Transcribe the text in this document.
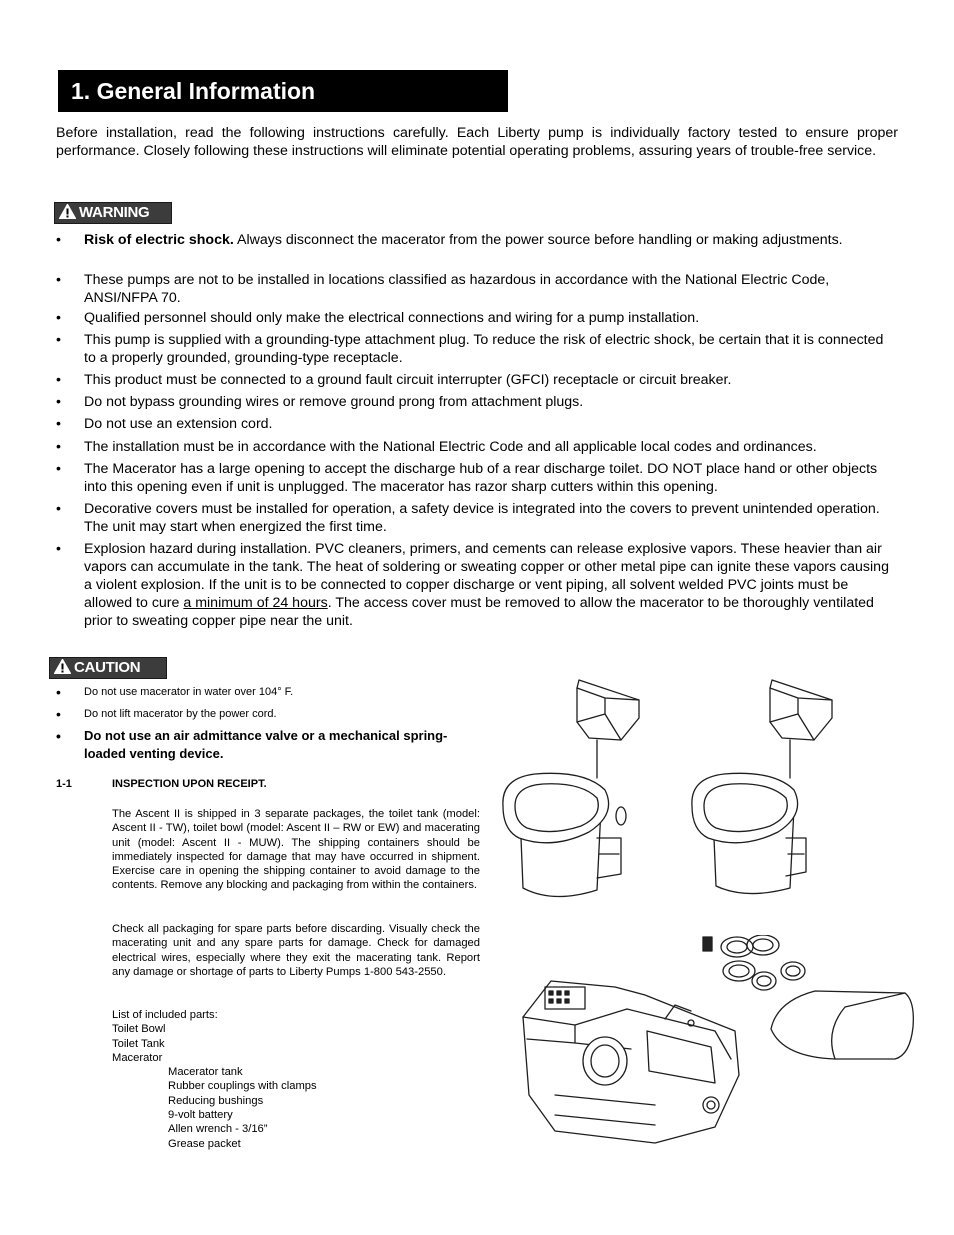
1. General Information

Before installation, read the following instructions carefully. Each Liberty pump is individually factory tested to ensure proper performance. Closely following these instructions will eliminate potential operating problems, assuring years of trouble-free service.

WARNING
• Risk of electric shock. Always disconnect the macerator from the power source before handling or making adjustments.
• These pumps are not to be installed in locations classified as hazardous in accordance with the National Electric Code, ANSI/NFPA 70.
• Qualified personnel should only make the electrical connections and wiring for a pump installation.
• This pump is supplied with a grounding-type attachment plug. To reduce the risk of electric shock, be certain that it is connected to a properly grounded, grounding-type receptacle.
• This product must be connected to a ground fault circuit interrupter (GFCI) receptacle or circuit breaker.
• Do not bypass grounding wires or remove ground prong from attachment plugs.
• Do not use an extension cord.
• The installation must be in accordance with the National Electric Code and all applicable local codes and ordinances.
• The Macerator has a large opening to accept the discharge hub of a rear discharge toilet. DO NOT place hand or other objects into this opening even if unit is unplugged. The macerator has razor sharp cutters within this opening.
• Decorative covers must be installed for operation, a safety device is integrated into the covers to prevent unintended operation. The unit may start when energized the first time.
• Explosion hazard during installation. PVC cleaners, primers, and cements can release explosive vapors. These heavier than air vapors can accumulate in the tank. The heat of soldering or sweating copper or other metal pipe can ignite these vapors causing a violent explosion. If the unit is to be connected to copper discharge or vent piping, all solvent welded PVC joints must be allowed to cure a minimum of 24 hours. The access cover must be removed to allow the macerator to be thoroughly ventilated prior to sweating copper pipe near the unit.
CAUTION
• Do not use macerator in water over 104° F.
• Do not lift macerator by the power cord.
• Do not use an air admittance valve or a mechanical spring-loaded venting device.
1-1	INSPECTION UPON RECEIPT.

The Ascent II is shipped in 3 separate packages, the toilet tank (model: Ascent II - TW), toilet bowl (model: Ascent II – RW or EW) and macerating unit (model: Ascent II - MUW). The shipping containers should be immediately inspected for damage that may have occurred in shipment. Exercise care in opening the shipping container to avoid damage to the contents. Remove any blocking and packaging from within the containers.

Check all packaging for spare parts before discarding. Visually check the macerating unit and any spare parts for damage. Check for damaged electrical wires, especially where they exit the macerating tank. Report any damage or shortage of parts to Liberty Pumps 1-800 543-2550.

List of included parts:
Toilet Bowl
Toilet Tank
Macerator
Macerator tank
Rubber couplings with clamps
Reducing bushings
9-volt battery
Allen wrench - 3/16”
Grease packet
